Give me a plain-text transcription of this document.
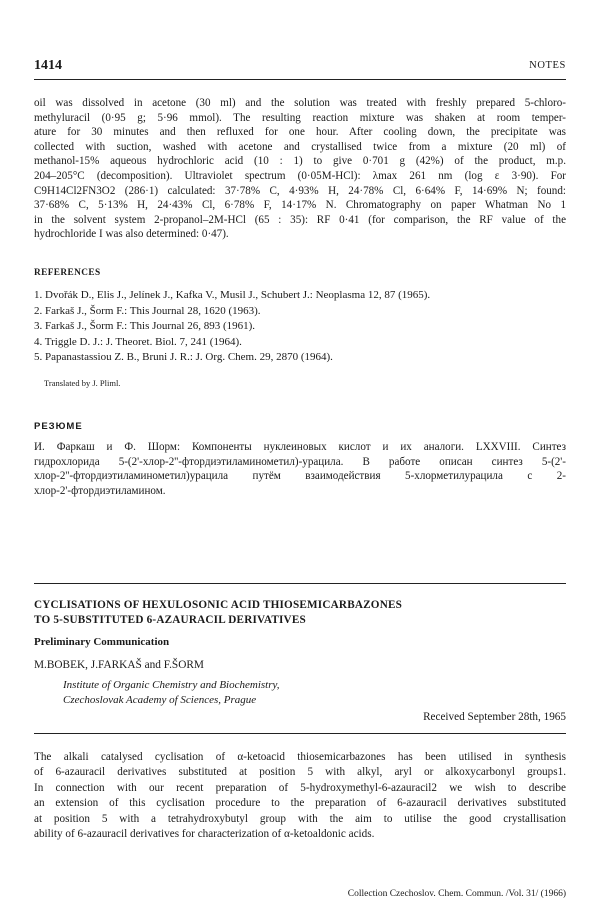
1414	NOTES

oil was dissolved in acetone (30 ml) and the solution was treated with freshly prepared 5-chloro-
methyluracil (0·95 g; 5·96 mmol). The resulting reaction mixture was shaken at room temper-
ature for 30 minutes and then refluxed for one hour. After cooling down, the precipitate was
collected with suction, washed with acetone and crystallised twice from a mixture (20 ml) of
methanol-15% aqueous hydrochloric acid (10 : 1) to give 0·701 g (42%) of the product, m.p.
204–205°C (decomposition). Ultraviolet spectrum (0·05M-HCl): λmax 261 nm (log ε 3·90). For
C9H14Cl2FN3O2 (286·1) calculated: 37·78% C, 4·93% H, 24·78% Cl, 6·64% F, 14·69% N; found:
37·68% C, 5·13% H, 24·43% Cl, 6·78% F, 14·17% N. Chromatography on paper Whatman No 1
in the solvent system 2-propanol–2M-HCl (65 : 35): RF 0·41 (for comparison, the RF value of the
hydrochloride I was also determined: 0·47).

REFERENCES
1. Dvořák D., Elis J., Jelínek J., Kafka V., Musil J., Schubert J.: Neoplasma 12, 87 (1965).
2. Farkaš J., Šorm F.: This Journal 28, 1620 (1963).
3. Farkaš J., Šorm F.: This Journal 26, 893 (1961).
4. Triggle D. J.: J. Theoret. Biol. 7, 241 (1964).
5. Papanastassiou Z. B., Bruni J. R.: J. Org. Chem. 29, 2870 (1964).
Translated by J. Pliml.
РЕЗЮМЕ

И. Фаркаш и Ф. Шорм: Компоненты нуклеиновых кислот и их аналоги. LXXVIII. Синтез
гидрохлорида 5-(2'-хлор-2''-фтордиэтиламинометил)-урацила. В работе описан синтез 5-(2'-
хлор-2''-фтордиэтиламинометил)урацила путём взаимодействия 5-хлорметилурацила с 2-
хлор-2'-фтордиэтиламином.

CYCLISATIONS OF HEXULOSONIC ACID THIOSEMICARBAZONES
TO 5-SUBSTITUTED 6-AZAURACIL DERIVATIVES
Preliminary Communication
M.BOBEK, J.FARKAŠ and F.ŠORM
Institute of Organic Chemistry and Biochemistry,
Czechoslovak Academy of Sciences, Prague
Received September 28th, 1965

The alkali catalysed cyclisation of α-ketoacid thiosemicarbazones has been utilised in synthesis
of 6-azauracil derivatives substituted at position 5 with alkyl, aryl or alkoxycarbonyl groups1.
In connection with our recent preparation of 5-hydroxymethyl-6-azauracil2 we wish to describe
an extension of this cyclisation procedure to the preparation of 6-azauracil derivatives substituted
at position 5 with a tetrahydroxybutyl group with the aim to utilise the good crystallisation
ability of 6-azauracil derivatives for characterization of α-ketoaldonic acids.

Collection Czechoslov. Chem. Commun. /Vol. 31/ (1966)
